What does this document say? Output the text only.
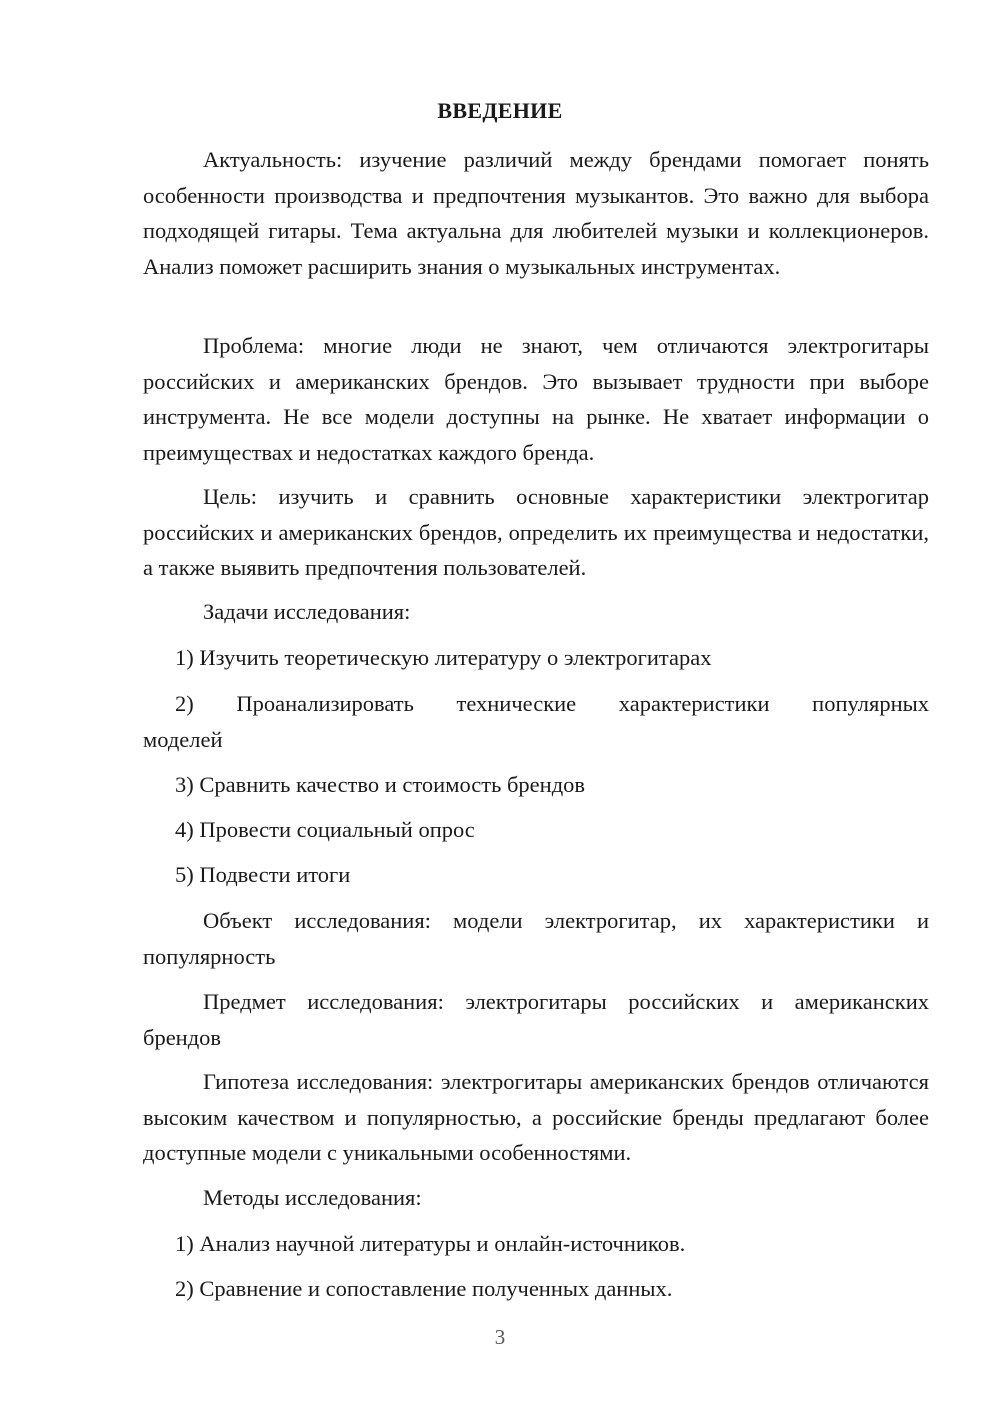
ВВЕДЕНИЕ

Актуальность: изучение различий между брендами помогает понять особенности производства и предпочтения музыкантов. Это важно для выбора подходящей гитары. Тема актуальна для любителей музыки и коллекционеров. Анализ поможет расширить знания о музыкальных инструментах.

Проблема: многие люди не знают, чем отличаются электрогитары российских и американских брендов. Это вызывает трудности при выборе инструмента. Не все модели доступны на рынке. Не хватает информации о преимуществах и недостатках каждого бренда.

Цель: изучить и сравнить основные характеристики электрогитар российских и американских брендов, определить их преимущества и недостатки, а также выявить предпочтения пользователей.

Задачи исследования:

1) Изучить теоретическую литературу о электрогитарах

2) Проанализировать технические характеристики популярных

моделей

3) Сравнить качество и стоимость брендов

4) Провести социальный опрос

5) Подвести итоги

Объект исследования: модели электрогитар, их характеристики и популярность

Предмет исследования: электрогитары российских и американских брендов

Гипотеза исследования: электрогитары американских брендов отличаются высоким качеством и популярностью, а российские бренды предлагают более доступные модели с уникальными особенностями.

Методы исследования:

1) Анализ научной литературы и онлайн-источников.

2) Сравнение и сопоставление полученных данных.

3
